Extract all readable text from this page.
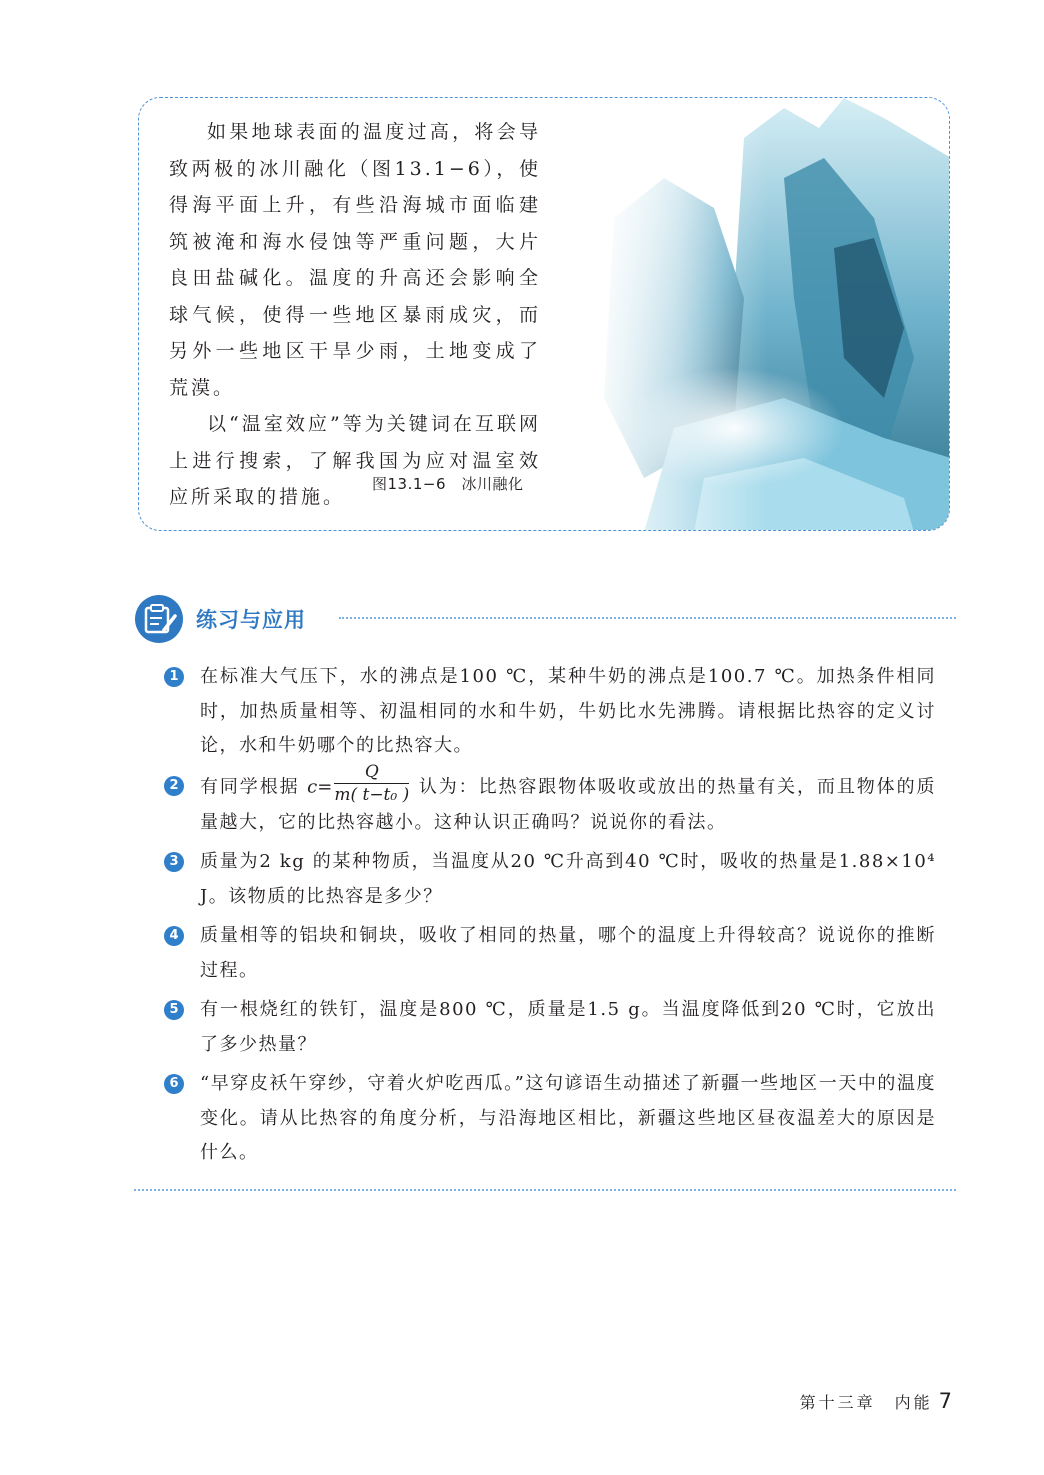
如果地球表面的温度过高，将会导致两极的冰川融化（图13.1−6），使得海平面上升，有些沿海城市面临建筑被淹和海水侵蚀等严重问题，大片良田盐碱化。温度的升高还会影响全球气候，使得一些地区暴雨成灾，而另外一些地区干旱少雨，土地变成了荒漠。

以“温室效应”等为关键词在互联网上进行搜索，了解我国为应对温室效应所采取的措施。

图13.1−6　冰川融化
练习与应用
1	在标准大气压下，水的沸点是100 ℃，某种牛奶的沸点是100.7 ℃。加热条件相同时，加热质量相等、初温相同的水和牛奶，牛奶比水先沸腾。请根据比热容的定义讨论，水和牛奶哪个的比热容大。
2	有同学根据 $c= \frac{Q}{\text{m( t−t₀ )}}$ 认为：比热容跟物体吸收或放出的热量有关，而且物体的质量越大，它的比热容越小。这种认识正确吗？说说你的看法。
3	质量为2 kg 的某种物质，当温度从20 ℃升高到40 ℃时，吸收的热量是1.88×10⁴ J。该物质的比热容是多少？
4	质量相等的铝块和铜块，吸收了相同的热量，哪个的温度上升得较高？说说你的推断过程。
5	有一根烧红的铁钉，温度是800 ℃，质量是1.5 g。当温度降低到20 ℃时，它放出了多少热量？
6	“早穿皮袄午穿纱，守着火炉吃西瓜。”这句谚语生动描述了新疆一些地区一天中的温度变化。请从比热容的角度分析，与沿海地区相比，新疆这些地区昼夜温差大的原因是什么。
第十三章　内能 7
